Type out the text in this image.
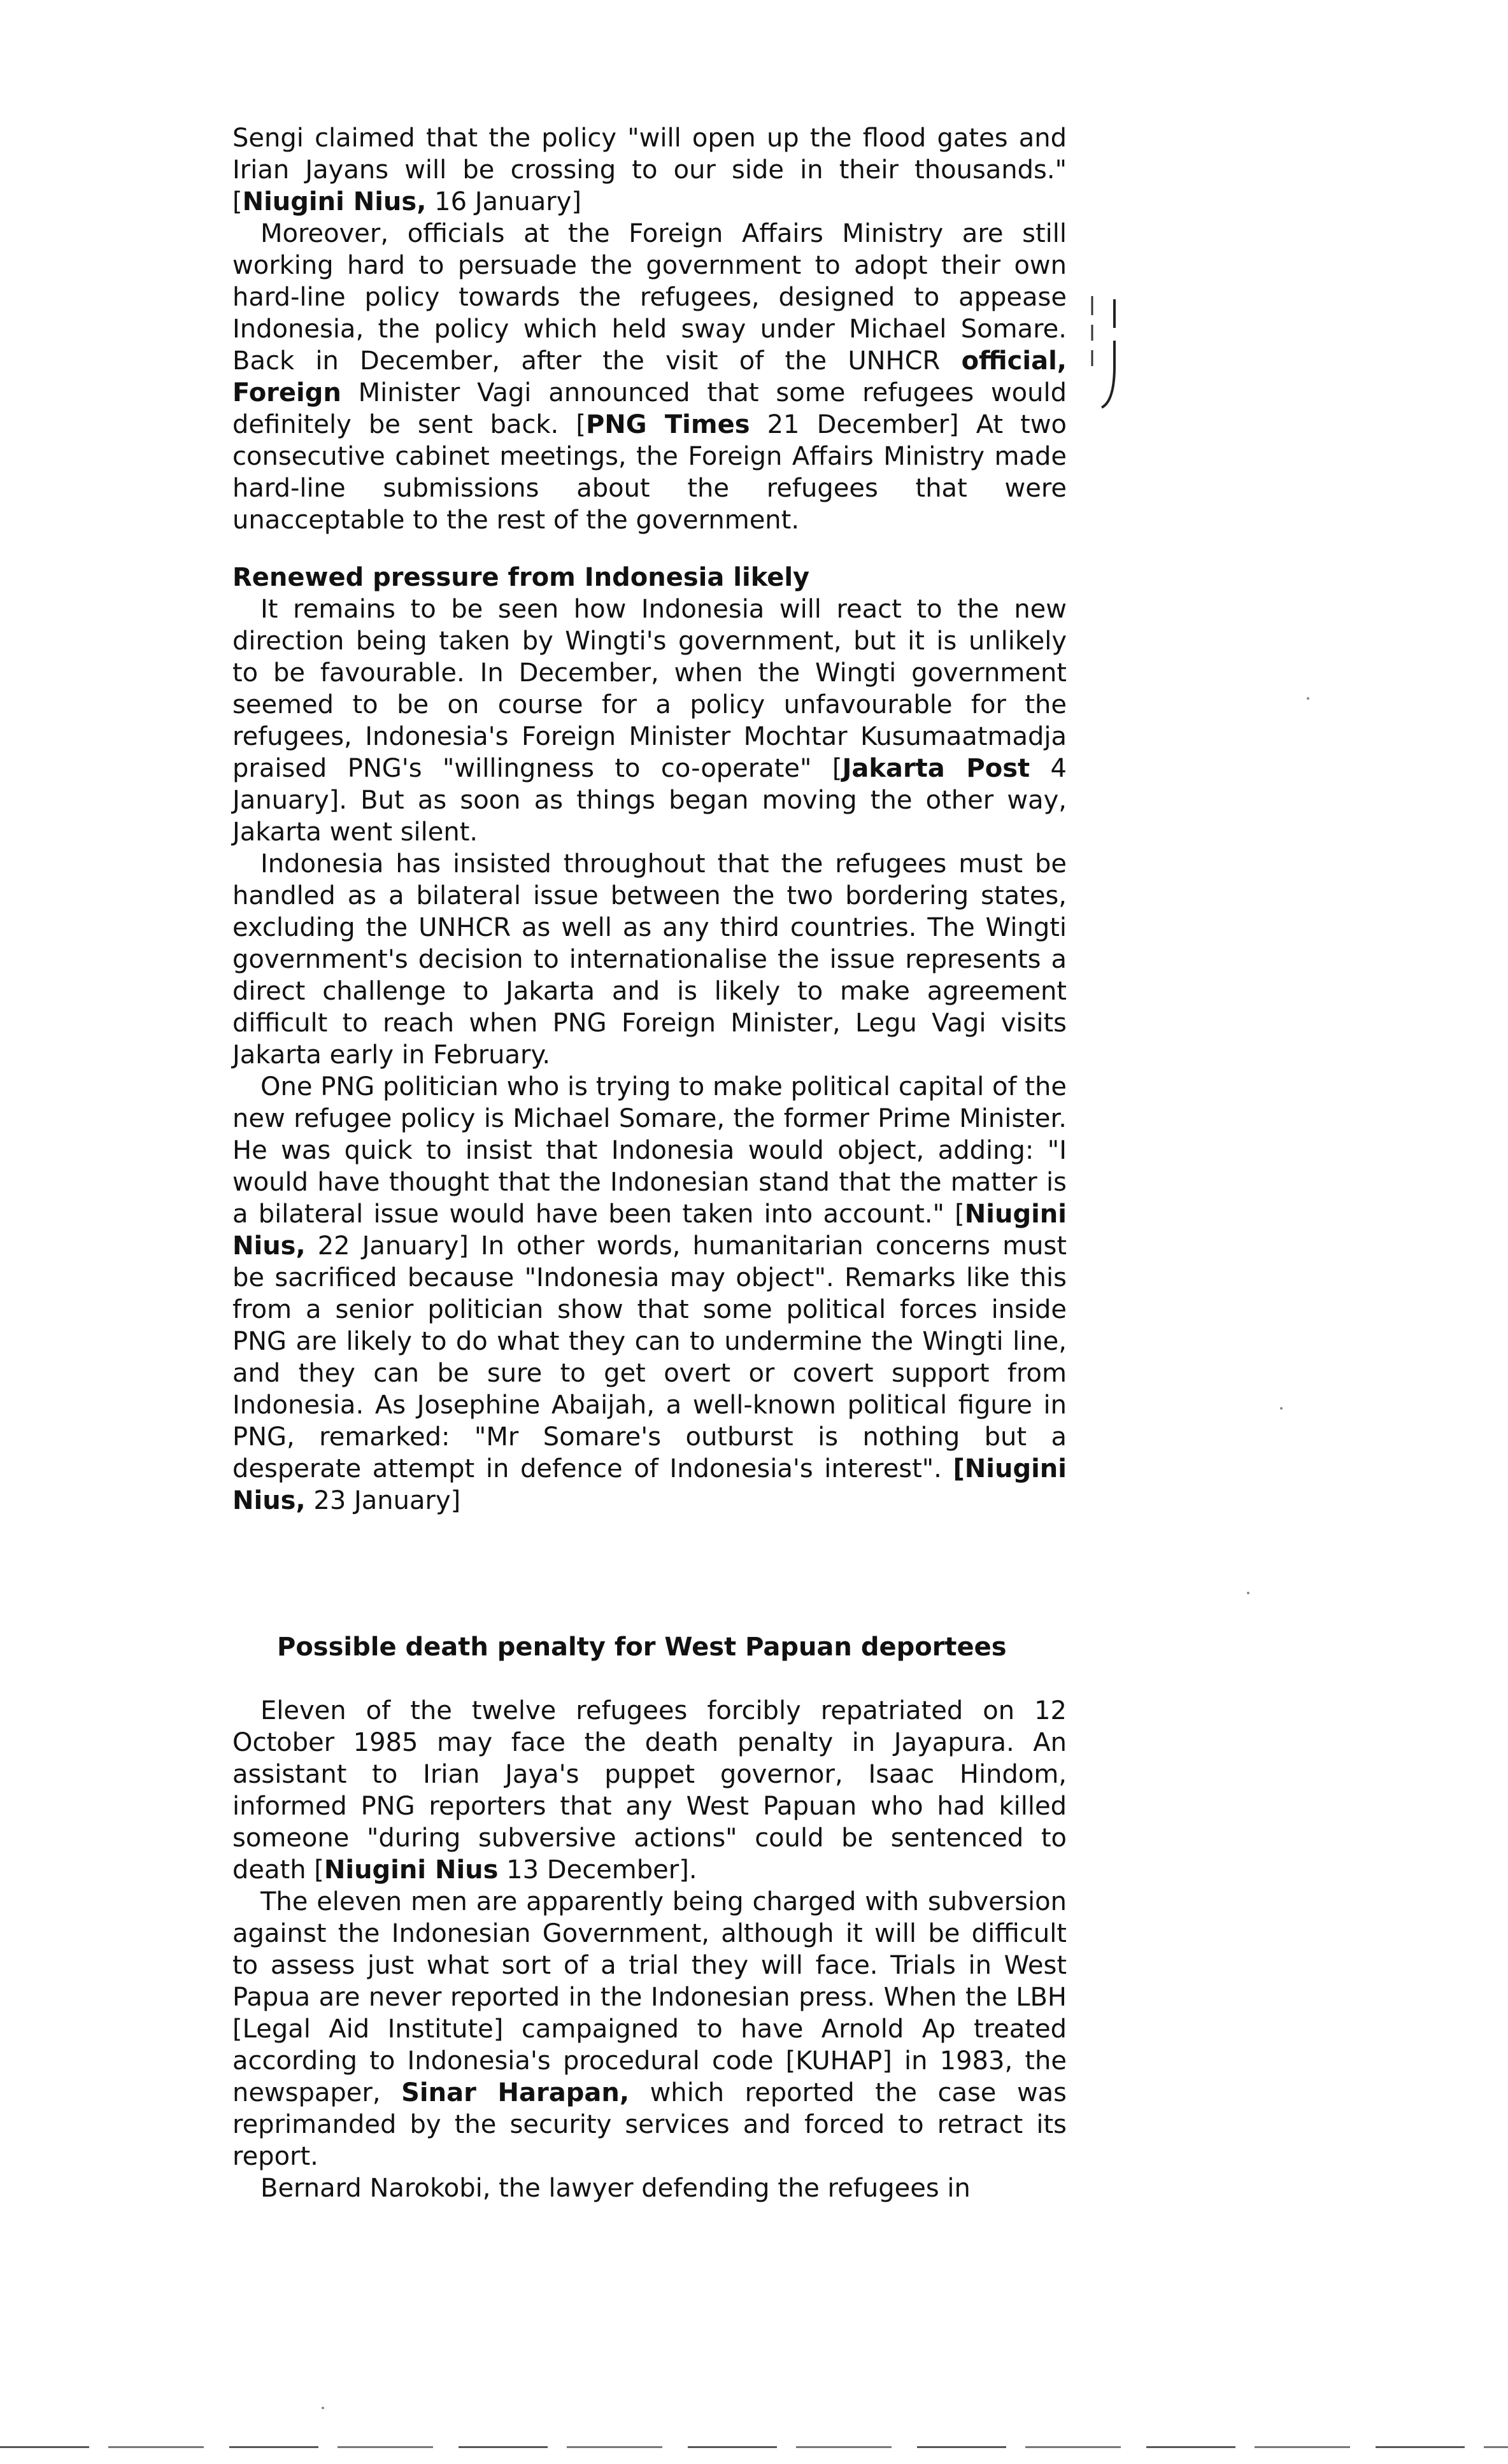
Sengi claimed that the policy "will open up the flood gates and Irian Jayans will be crossing to our side in their thousands." [Niugini Nius, 16 January]

Moreover, officials at the Foreign Affairs Ministry are still working hard to persuade the government to adopt their own hard-line policy towards the refugees, designed to appease Indonesia, the policy which held sway under Michael Somare. Back in December, after the visit of the UNHCR official, Foreign Minister Vagi announced that some refugees would definitely be sent back. [PNG Times 21 December] At two consecutive cabinet meetings, the Foreign Affairs Ministry made hard-line submissions about the refugees that were unacceptable to the rest of the government.

Renewed pressure from Indonesia likely

It remains to be seen how Indonesia will react to the new direction being taken by Wingti's government, but it is unlikely to be favourable. In December, when the Wingti government seemed to be on course for a policy unfavourable for the refugees, Indonesia's Foreign Minister Mochtar Kusumaatmadja praised PNG's "willingness to co-operate" [Jakarta Post 4 January]. But as soon as things began moving the other way, Jakarta went silent.

Indonesia has insisted throughout that the refugees must be handled as a bilateral issue between the two bordering states, excluding the UNHCR as well as any third countries. The Wingti government's decision to internationalise the issue represents a direct challenge to Jakarta and is likely to make agreement difficult to reach when PNG Foreign Minister, Legu Vagi visits Jakarta early in February.

One PNG politician who is trying to make political capital of the new refugee policy is Michael Somare, the former Prime Minister. He was quick to insist that Indonesia would object, adding: "I would have thought that the Indonesian stand that the matter is a bilateral issue would have been taken into account." [Niugini Nius, 22 January] In other words, humanitarian concerns must be sacrificed because "Indonesia may object". Remarks like this from a senior politician show that some political forces inside PNG are likely to do what they can to undermine the Wingti line, and they can be sure to get overt or covert support from Indonesia. As Josephine Abaijah, a well-known political figure in PNG, remarked: "Mr Somare's outburst is nothing but a desperate attempt in defence of Indonesia's interest". [Niugini Nius, 23 January]

Possible death penalty for West Papuan deportees

Eleven of the twelve refugees forcibly repatriated on 12 October 1985 may face the death penalty in Jayapura. An assistant to Irian Jaya's puppet governor, Isaac Hindom, informed PNG reporters that any West Papuan who had killed someone "during subversive actions" could be sentenced to death [Niugini Nius 13 December].

The eleven men are apparently being charged with subversion against the Indonesian Government, although it will be difficult to assess just what sort of a trial they will face. Trials in West Papua are never reported in the Indonesian press. When the LBH [Legal Aid Institute] campaigned to have Arnold Ap treated according to Indonesia's procedural code [KUHAP] in 1983, the newspaper, Sinar Harapan, which reported the case was reprimanded by the security services and forced to retract its report.

Bernard Narokobi, the lawyer defending the refugees in
